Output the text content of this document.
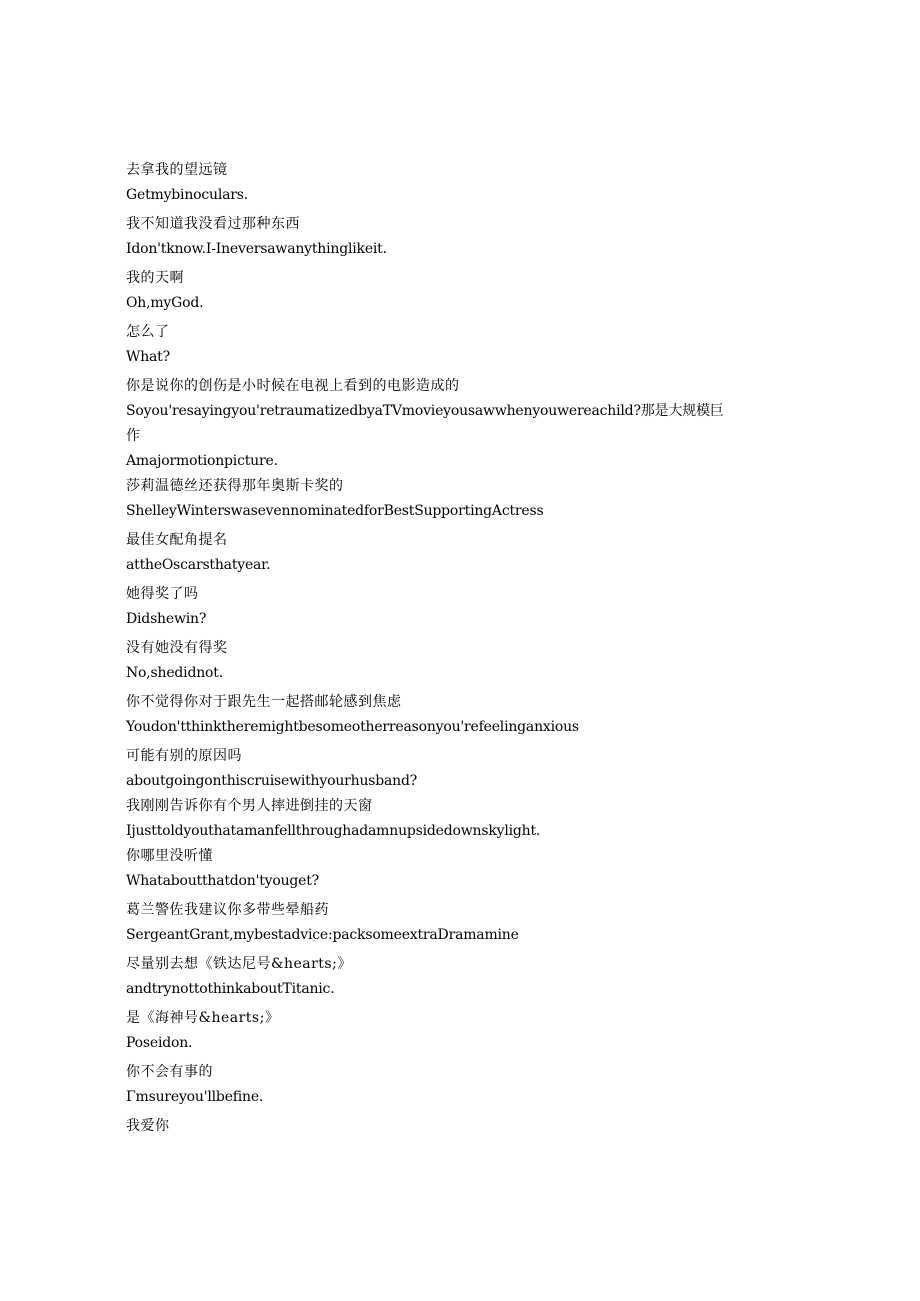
去拿我的望远镜
Getmybinoculars.
我不知道我没看过那种东西
Idon'tknow.I-Ineversawanythinglikeit.
我的天啊
Oh,myGod.
怎么了
What?
你是说你的创伤是小时候在电视上看到的电影造成的
Soyou'resayingyou'retraumatizedbyaTVmovieyousawwhenyouwereachild?那是大规模巨作
Amajormotionpicture.
莎莉温德丝还获得那年奥斯卡奖的
ShelleyWinterswasevennominatedforBestSupportingActress
最佳女配角提名
attheOscarsthatyear.
她得奖了吗
Didshewin?
没有她没有得奖
No,shedidnot.
你不觉得你对于跟先生一起搭邮轮感到焦虑
Youdon'tthinktheremightbesomeotherreasonyou'refeelinganxious
可能有别的原因吗
aboutgoingonthiscruisewithyourhusband?
我刚刚告诉你有个男人摔进倒挂的天窗
Ijusttoldyouthatamanfellthroughadamnupsidedownskylight.
你哪里没听懂
Whataboutthatdon'tyouget?
葛兰警佐我建议你多带些晕船药
SergeantGrant,mybestadvice:packsomeextraDramamine
尽量别去想《铁达尼号&hearts;》
andtrynottothinkaboutTitanic.
是《海神号&hearts;》
Poseidon.
你不会有事的
Γmsureyou'llbefine.
我爱你
